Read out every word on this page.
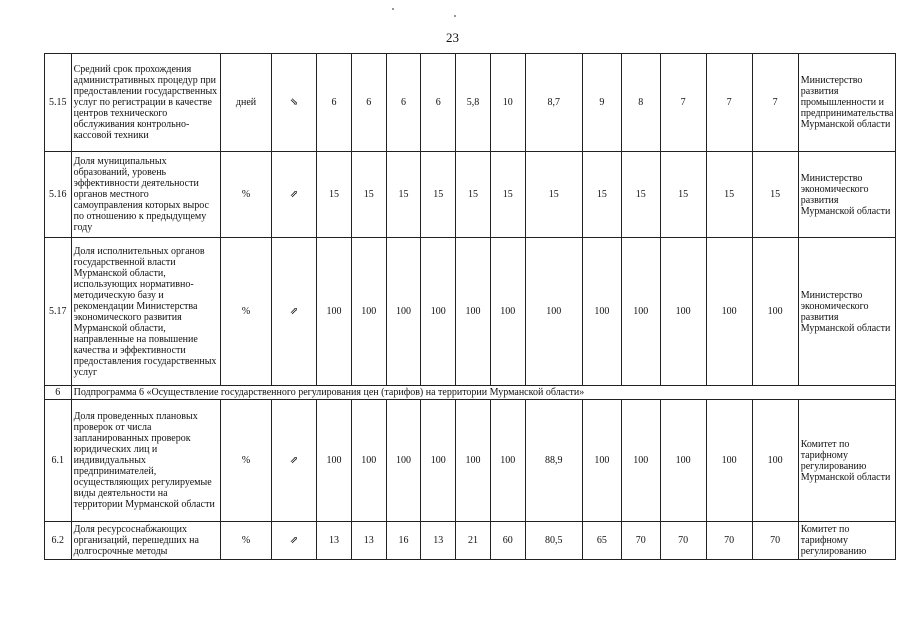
23
5.15	Средний срок прохождения административных процедур при предоставлении государственных услуг по регистрации в качестве центров технического обслуживания контрольно-кассовой техники	дней	⇘	6	6	6	6	5,8	10	8,7	9	8	7	7	7	Министерство развития промышленности и предпринимательства Мурманской области
5.16	Доля муниципальных образований, уровень эффективности деятельности органов местного самоуправления которых вырос по отношению к предыдущему году	%	⇗	15	15	15	15	15	15	15	15	15	15	15	15	Министерство экономического развития Мурманской области
5.17	Доля исполнительных органов государственной власти Мурманской области, использующих нормативно-методическую базу и рекомендации Министерства экономического развития Мурманской области, направленные на повышение качества и эффективности предоставления государственных услуг	%	⇗	100	100	100	100	100	100	100	100	100	100	100	100	Министерство экономического развития Мурманской области
6	Подпрограмма 6 «Осуществление государственного регулирования цен (тарифов) на территории Мурманской области»															
6.1	Доля проведенных плановых проверок от числа запланированных проверок юридических лиц и индивидуальных предпринимателей, осуществляющих регулируемые виды деятельности на территории Мурманской области	%	⇗	100	100	100	100	100	100	88,9	100	100	100	100	100	Комитет по тарифному регулированию Мурманской области
6.2	Доля ресурсоснабжающих организаций, перешедших на долгосрочные методы	%	⇗	13	13	16	13	21	60	80,5	65	70	70	70	70	Комитет по тарифному регулированию
